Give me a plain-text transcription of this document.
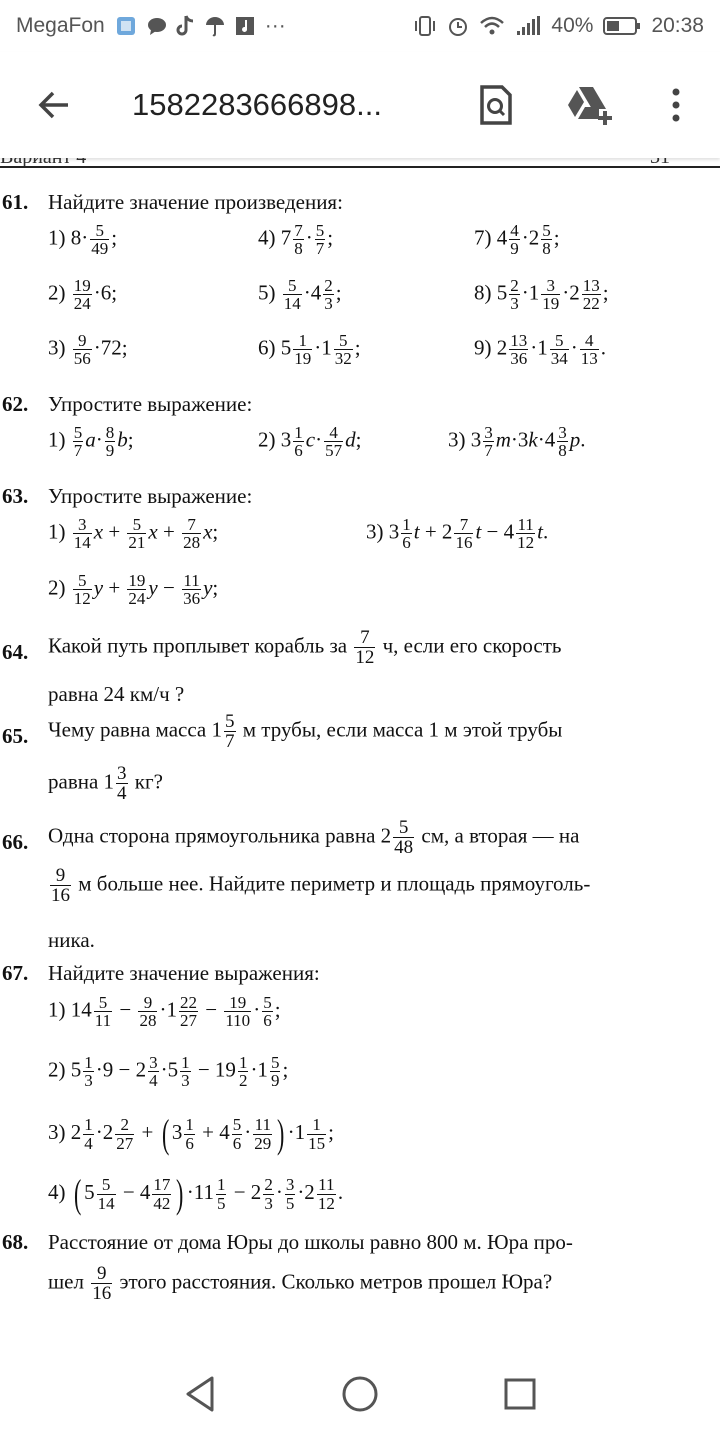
MegaFon	···	40%	20:38
1582283666898...
61. Найдите значение произведения:
1) $8\cdot \frac{5}{49}$ ;	4) $7 \frac{7}{8} \cdot \frac{5}{7}$ ;	7) $4 \frac{4}{9} \cdot 2 \frac{5}{8}$ ;
$2) \frac{19}{24} \cdot 6$;	$5) \frac{5}{14} \cdot 4 \frac{2}{3}$ ;	8) $5 \frac{2}{3} \cdot 1 \frac{3}{19} \cdot 2 \frac{13}{22}$ ;
$3) \frac{9}{56} \cdot 72$;	6) $5 \frac{1}{19} \cdot 1 \frac{5}{32}$ ;	9) $2 \frac{13}{36} \cdot 1 \frac{5}{34} \cdot \frac{4}{13}$ .
62. Упростите выражение:
$1) \frac{5}{7} a\cdot \frac{8}{9} b$;	2) $3 \frac{1}{6} c\cdot \frac{4}{57} d$;	3) $3 \frac{3}{7} m\cdot 3k\cdot 4 \frac{3}{8} p$.
63. Упростите выражение:
$1) \frac{3}{14}$ $x + \frac{5}{21}$ $x + \frac{7}{28} x$;	3) $3 \frac{1}{6}$ $t + 2 \frac{7}{16}$ $t - 4 \frac{11}{12} t$.
$2) \frac{5}{12}$ $y + \frac{19}{24}$ $y - \frac{11}{36} y$;
64. Какой путь проплывет корабль за $\frac{7}{12} ч$, если его скорость
равна 24 км/ч ?
65. Чему равна масса $1 \frac{5}{7}$ м трубы, если масса 1 м этой трубы
равна $1 \frac{3}{4}$ кг?
66. Одна сторона прямоугольника равна $2 \frac{5}{48}$ см, а вторая — на
$\frac{9}{16}$ м больше нее. Найдите периметр и площадь прямоуголь-
ника.
67. Найдите значение выражения:
1) $14 \frac{5}{11} - \frac{9}{28} \cdot 1 \frac{22}{27} - \frac{19}{110} \cdot \frac{5}{6}$ ;
2) $5 \frac{1}{3} \cdot 9 - 2 \frac{3}{4} \cdot 5 \frac{1}{3} - 19 \frac{1}{2} \cdot 1 \frac{5}{9}$ ;
3) $2 \frac{1}{4} \cdot 2 \frac{2}{27}$ + ( $3 \frac{1}{6} + 4 \frac{5}{6} \cdot \frac{11}{29}$ ) $\cdot 1 \frac{1}{15}$ ;
4) ( $5 \frac{5}{14} - 4 \frac{17}{42}$ ) $\cdot 11 \frac{1}{5} - 2 \frac{2}{3} \cdot \frac{3}{5} \cdot 2 \frac{11}{12}$ .
68. Расстояние от дома Юры до школы равно 800 м. Юра про-
шел $\frac{9}{16}$ этого расстояния. Сколько метров прошел Юра?
